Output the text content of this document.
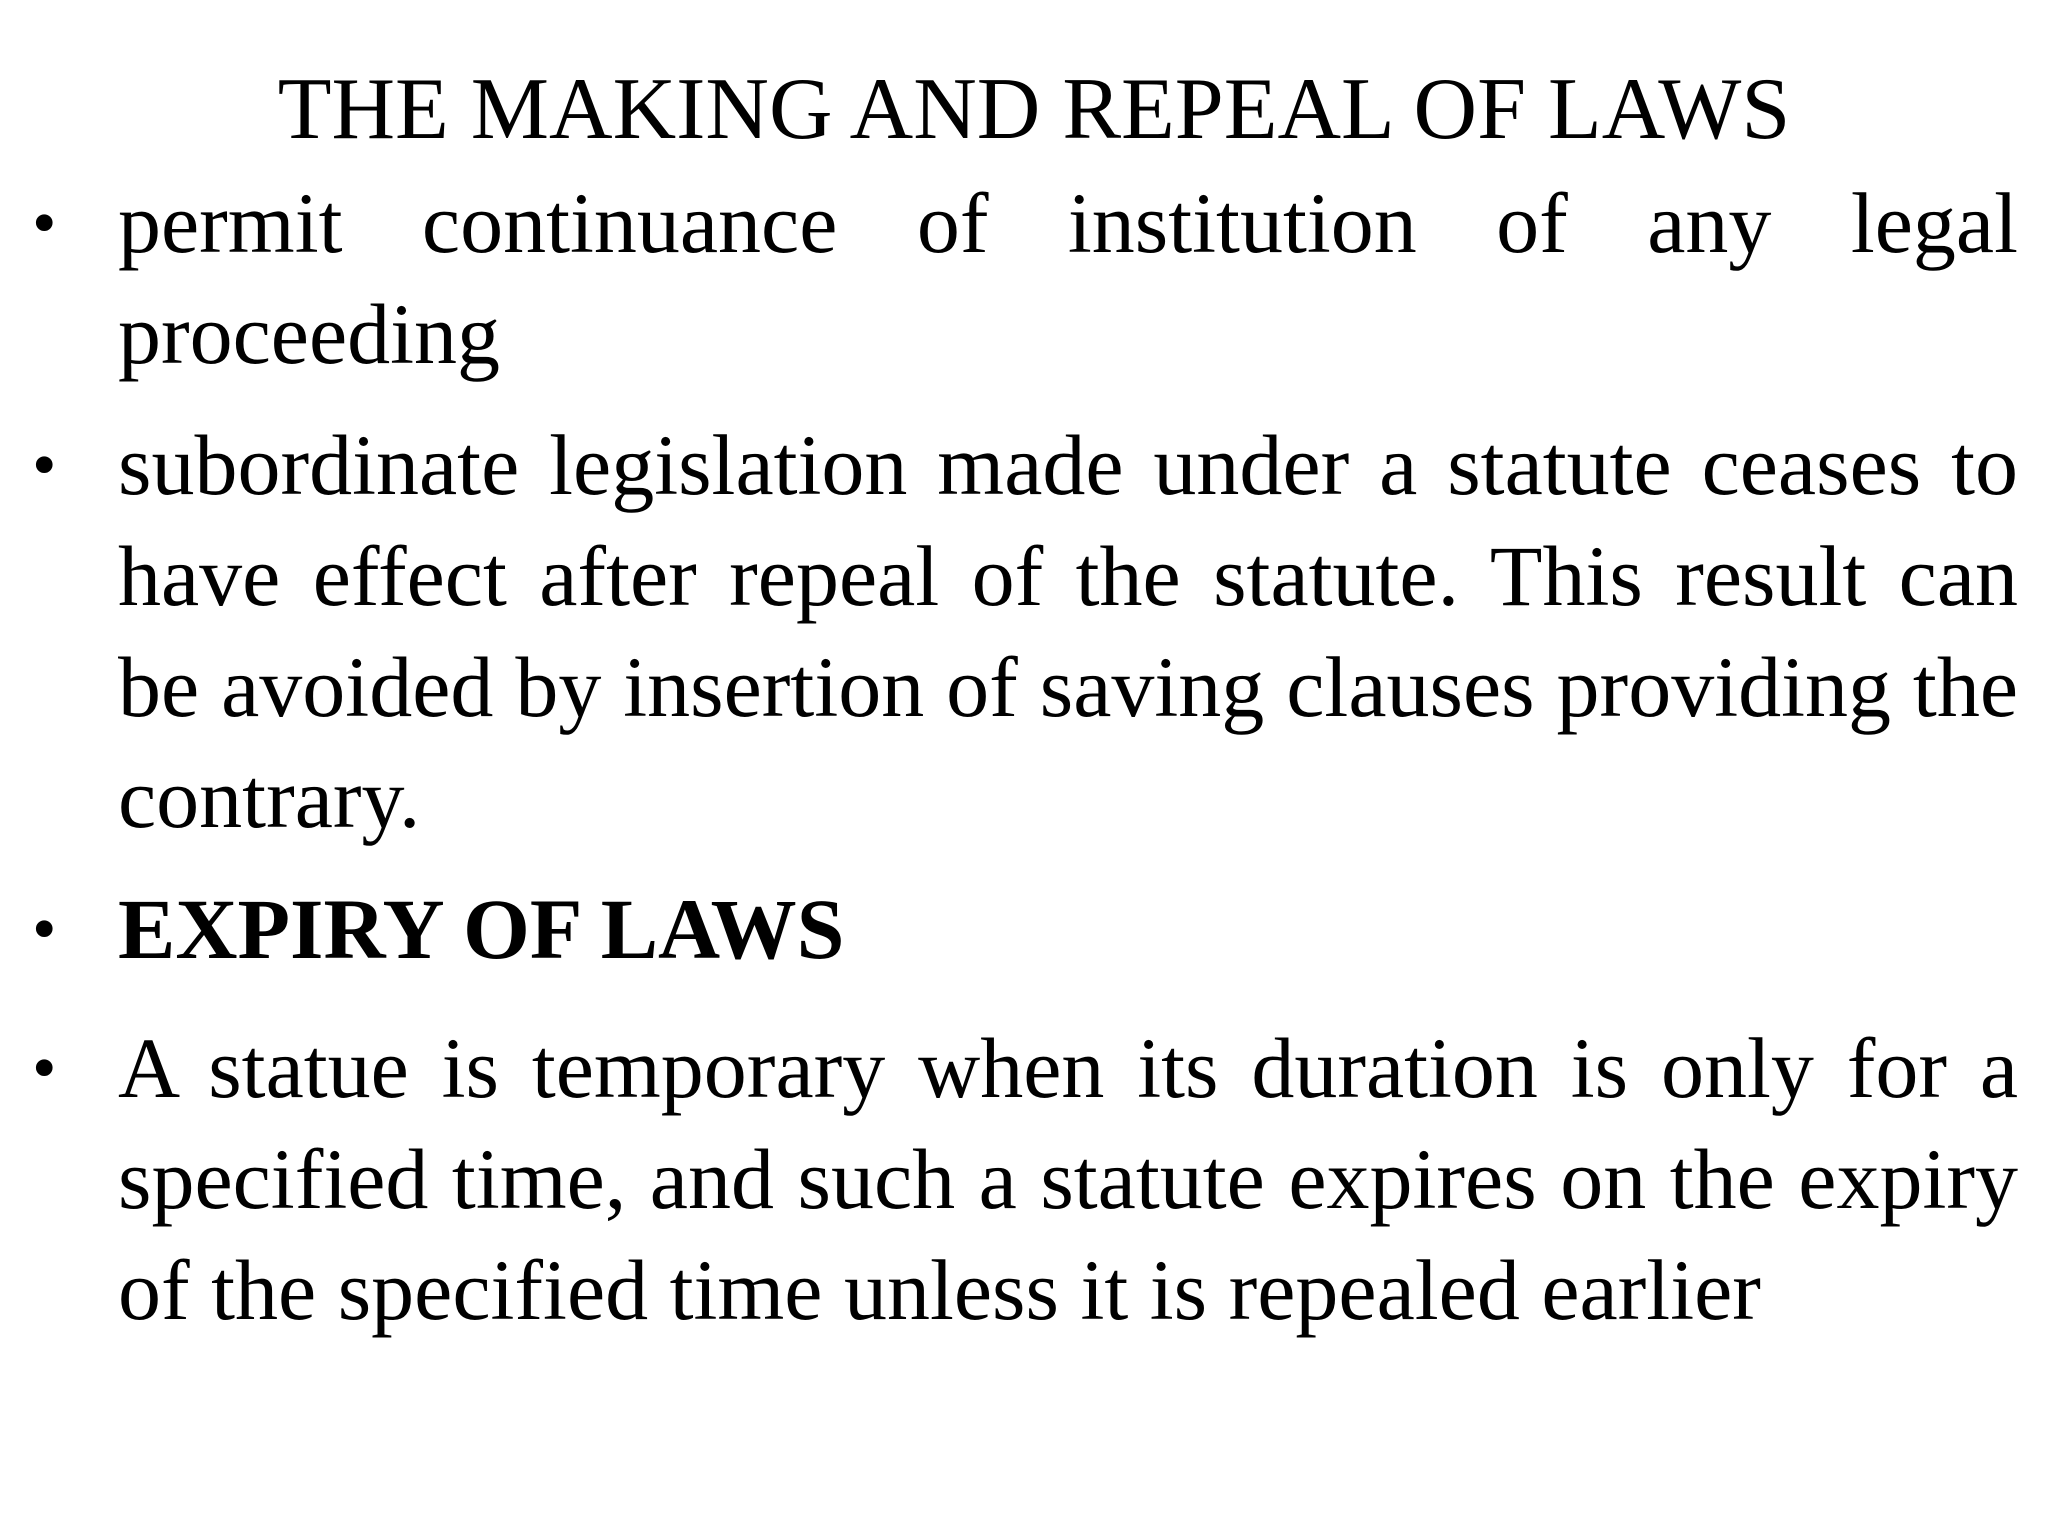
THE MAKING AND REPEAL OF LAWS
• permit continuance of institution of any legal proceeding
• subordinate legislation made under a statute ceases to have effect after repeal of the statute. This result can be avoided by insertion of saving clauses providing the contrary.
• EXPIRY OF LAWS
• A statue is temporary when its duration is only for a specified time, and such a statute expires on the expiry of the specified time unless it is repealed earlier
